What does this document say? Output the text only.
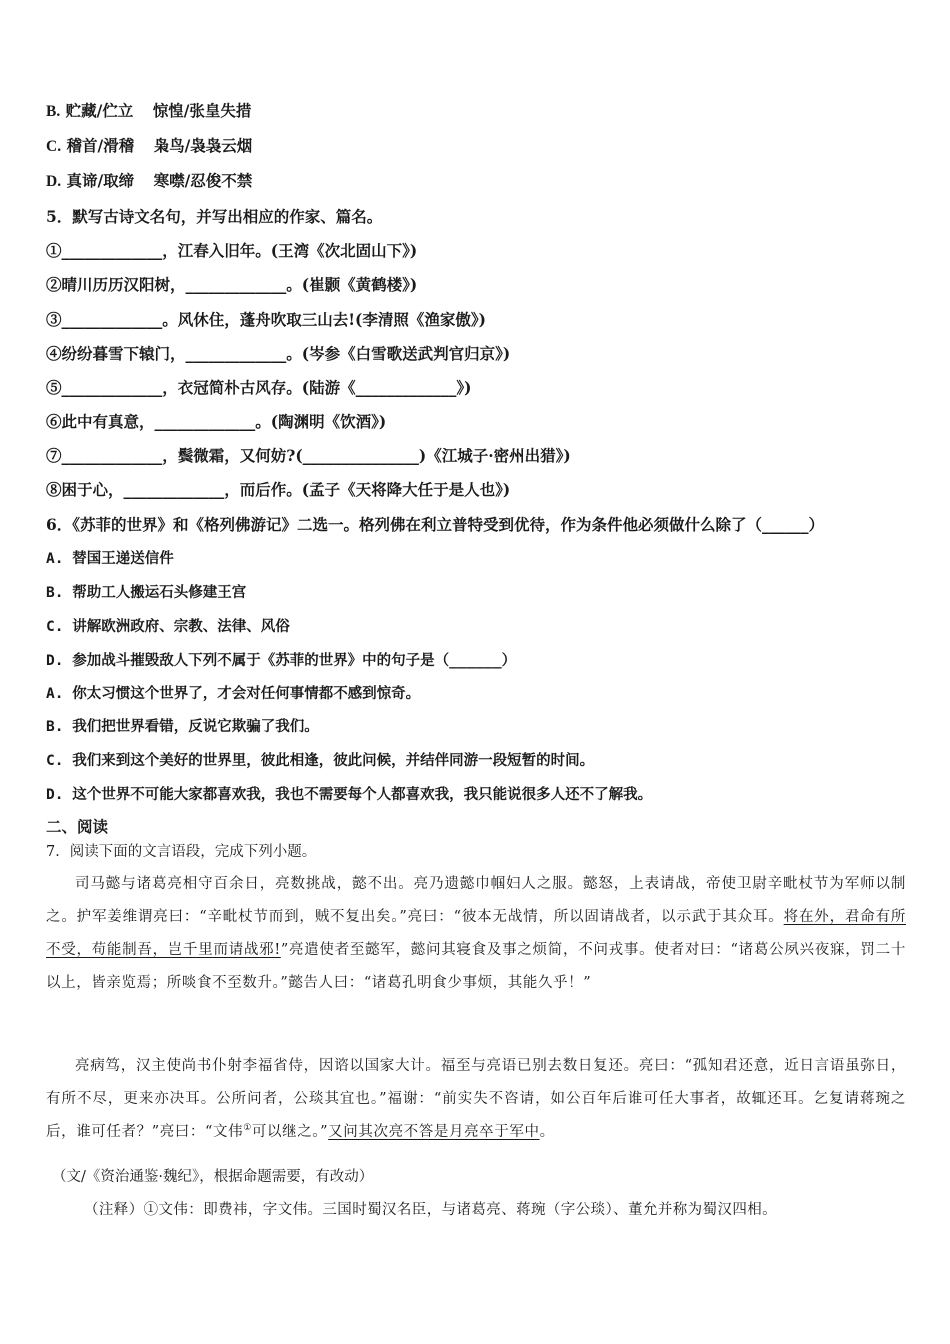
B. 贮藏/伫立 惊惶/张皇失措
C. 稽首/滑稽 枭鸟/袅袅云烟
D. 真谛/取缔 寒噤/忍俊不禁
5．默写古诗文名句，并写出相应的作家、篇名。
①_____________，江春入旧年。(王湾《次北固山下》)
②晴川历历汉阳树，_____________。(崔颢《黄鹤楼》)
③_____________。风休住，蓬舟吹取三山去!(李清照《渔家傲》)
④纷纷暮雪下辕门，_____________。(岑参《白雪歌送武判官归京》)
⑤_____________，衣冠简朴古风存。(陆游《_____________》)
⑥此中有真意，_____________。(陶渊明《饮酒》)
⑦_____________，鬓微霜，又何妨?(_______________)《江城子·密州出猎》)
⑧困于心，_____________，而后作。(孟子《天将降大任于是人也》)
6．《苏菲的世界》和《格列佛游记》二选一。格列佛在利立普特受到优待，作为条件他必须做什么除了（______）
A. 替国王递送信件
B. 帮助工人搬运石头修建王宫
C. 讲解欧洲政府、宗教、法律、风俗
D. 参加战斗摧毁敌人下列不属于《苏菲的世界》中的句子是（______）
A. 你太习惯这个世界了，才会对任何事情都不感到惊奇。
B. 我们把世界看错，反说它欺骗了我们。
C. 我们来到这个美好的世界里，彼此相逢，彼此问候，并结伴同游一段短暂的时间。
D. 这个世界不可能大家都喜欢我，我也不需要每个人都喜欢我，我只能说很多人还不了解我。
二、阅读
7．阅读下面的文言语段，完成下列小题。
司马懿与诸葛亮相守百余日，亮数挑战，懿不出。亮乃遗懿巾帼妇人之服。懿怒，上表请战，帝使卫尉辛毗杖节为军师以制之。护军姜维谓亮曰：“辛毗杖节而到，贼不复出矣。”亮曰：“彼本无战情，所以固请战者，以示武于其众耳。将在外，君命有所不受，苟能制吾，岂千里而请战邪!”亮遣使者至懿军，懿问其寝食及事之烦简，不问戎事。使者对曰：“诸葛公夙兴夜寐，罚二十以上，皆亲览焉；所啖食不至数升。”懿告人曰：“诸葛孔明食少事烦，其能久乎！”
亮病笃，汉主使尚书仆射李福省侍，因谘以国家大计。福至与亮语已别去数日复还。亮曰：“孤知君还意，近日言语虽弥日，有所不尽，更来亦决耳。公所问者，公琰其宜也。”福谢：“前实失不咨请，如公百年后谁可任大事者，故辄还耳。乞复请蒋琬之后，谁可任者？”亮曰：“文伟①可以继之。”又问其次亮不答是月亮卒于军中。
（文/《资治通鉴·魏纪》，根据命题需要，有改动）
（注释）①文伟：即费祎，字文伟。三国时蜀汉名臣，与诸葛亮、蒋琬（字公琰）、董允并称为蜀汉四相。
